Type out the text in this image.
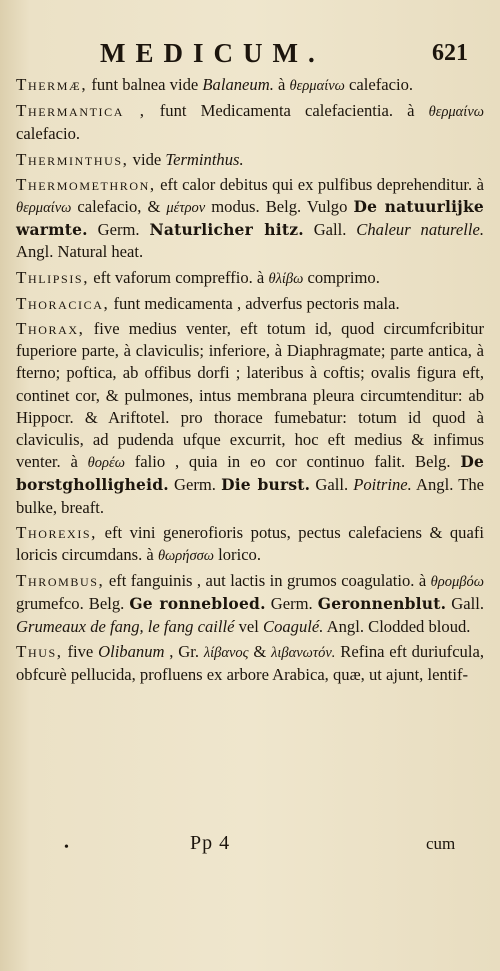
MEDICUM.	621

Thermæ, funt balnea vide Balaneum. à θερμαίνω calefacio.

Thermantica , funt Medicamenta calefacientia. à θερμαίνω calefacio.

Therminthus, vide Terminthus.

Thermomethron, eft calor debitus qui ex pulfibus deprehenditur. à θερμαίνω calefacio, & μέτρον modus. Belg. Vulgo De natuurlijke warmte. Germ. Naturlicher hitz. Gall. Chaleur naturelle. Angl. Natural heat.

Thlipsis, eft vaforum compreffio. à θλίβω comprimo.

Thoracica, funt medicamenta , adverfus pectoris mala.

Thorax, five medius venter, eft totum id, quod circumfcribitur fuperiore parte, à claviculis; inferiore, à Diaphragmate; parte antica, à fterno; poftica, ab offibus dorfi ; lateribus à coftis; ovalis figura eft, continet cor, & pulmones, intus membrana pleura circumtenditur: ab Hippocr. & Ariftotel. pro thorace fumebatur: totum id quod à claviculis, ad pudenda ufque excurrit, hoc eft medius & infimus venter. à θορέω falio , quia in eo cor continuo falit. Belg. De borstgholligheid. Germ. Die burst. Gall. Poitrine. Angl. The bulke, breaft.

Thorexis, eft vini generofioris potus, pectus calefaciens & quafi loricis circumdans. à θωρήσσω lorico.

Thrombus, eft fanguinis , aut lactis in grumos coagulatio. à θρομβόω grumefco. Belg. Ge ronnebloed. Germ. Geronnenblut. Gall. Grumeaux de fang, le fang caillé vel Coagulé. Angl. Clodded bloud.

Thus, five Olibanum , Gr. λίβανος & λιβανωτόν. Refina eft duriufcula, obfcurè pellucida, profluens ex arbore Arabica, quæ, ut ajunt, lentif-

•	Pp 4	cum
